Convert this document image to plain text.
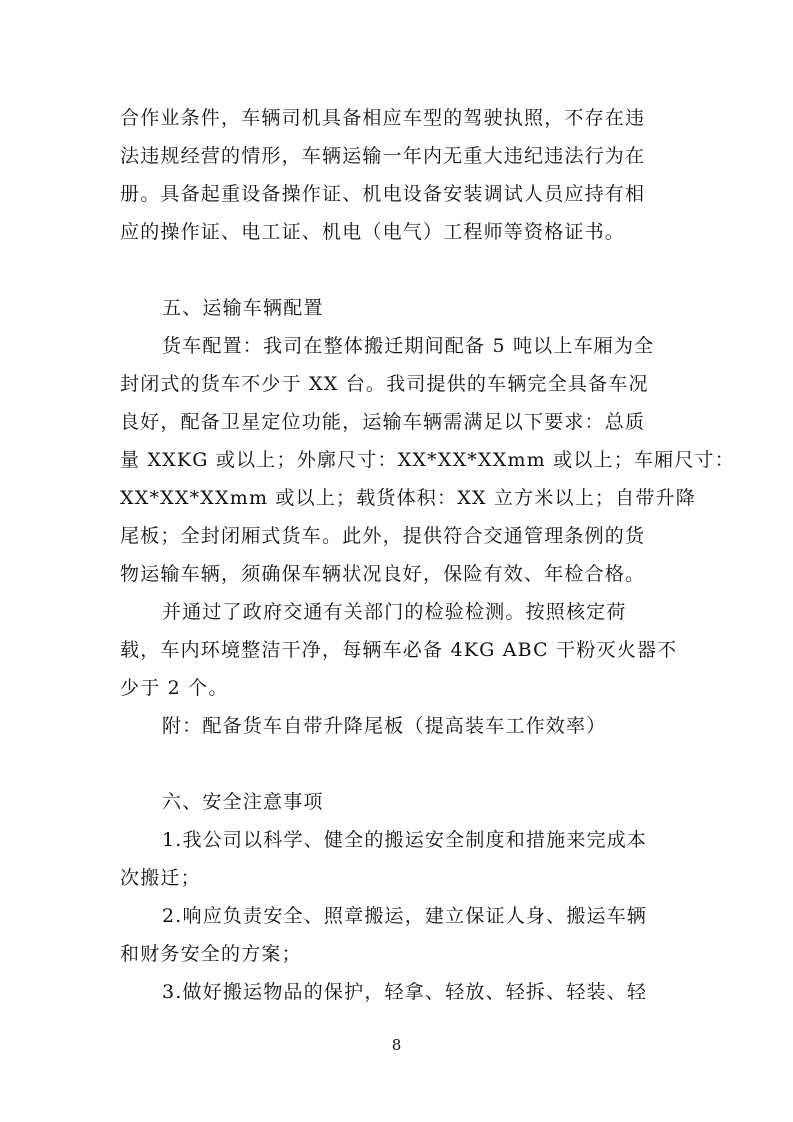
合作业条件，车辆司机具备相应车型的驾驶执照，不存在违
法违规经营的情形，车辆运输一年内无重大违纪违法行为在
册。具备起重设备操作证、机电设备安装调试人员应持有相
应的操作证、电工证、机电（电气）工程师等资格证书。
五、运输车辆配置
货车配置：我司在整体搬迁期间配备 5 吨以上车厢为全
封闭式的货车不少于 XX 台。我司提供的车辆完全具备车况
良好，配备卫星定位功能，运输车辆需满足以下要求：总质
量 XXKG 或以上；外廓尺寸：XX*XX*XXmm 或以上；车厢尺寸：
XX*XX*XXmm 或以上；载货体积：XX 立方米以上；自带升降
尾板；全封闭厢式货车。此外，提供符合交通管理条例的货
物运输车辆，须确保车辆状况良好，保险有效、年检合格。
并通过了政府交通有关部门的检验检测。按照核定荷
载，车内环境整洁干净，每辆车必备 4KG ABC 干粉灭火器不
少于 2 个。
附：配备货车自带升降尾板（提高装车工作效率）
六、安全注意事项
1.我公司以科学、健全的搬运安全制度和措施来完成本
次搬迁；
2.响应负责安全、照章搬运，建立保证人身、搬运车辆
和财务安全的方案；
3.做好搬运物品的保护，轻拿、轻放、轻拆、轻装、轻
8
